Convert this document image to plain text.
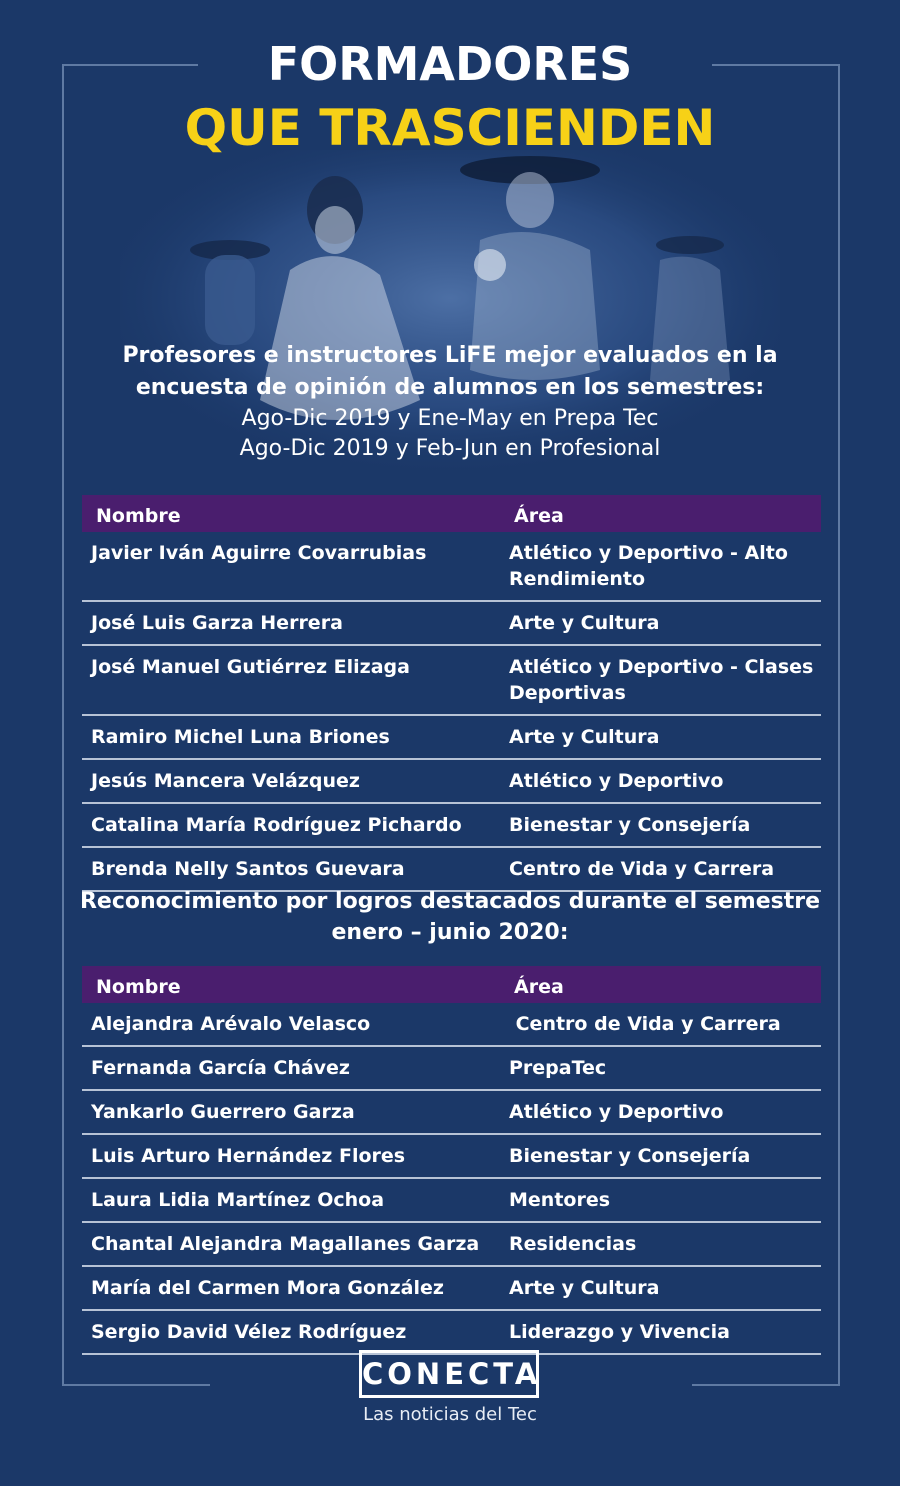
FORMADORES
QUE TRASCIENDEN
Profesores e instructores LiFE mejor evaluados en la encuesta de opinión de alumnos en los semestres:
Ago-Dic 2019 y Ene-May en Prepa Tec
Ago-Dic 2019 y Feb-Jun en Profesional
Nombre	Área
Javier Iván Aguirre Covarrubias	Atlético y Deportivo - Alto Rendimiento
José Luis Garza Herrera	Arte y Cultura
José Manuel Gutiérrez Elizaga	Atlético y Deportivo - Clases Deportivas
Ramiro Michel Luna Briones	Arte y Cultura
Jesús Mancera Velázquez	Atlético y Deportivo
Catalina María Rodríguez Pichardo	Bienestar y Consejería
Brenda Nelly Santos Guevara	Centro de Vida y Carrera
Reconocimiento por logros destacados durante el semestre enero – junio 2020:
Nombre	Área
Alejandra Arévalo Velasco	Centro de Vida y Carrera
Fernanda García Chávez	PrepaTec
Yankarlo Guerrero Garza	Atlético y Deportivo
Luis Arturo Hernández Flores	Bienestar y Consejería
Laura Lidia Martínez Ochoa	Mentores
Chantal Alejandra Magallanes Garza	Residencias
María del Carmen Mora González	Arte y Cultura
Sergio David Vélez Rodríguez	Liderazgo y Vivencia
CONECTA
Las noticias del Tec
